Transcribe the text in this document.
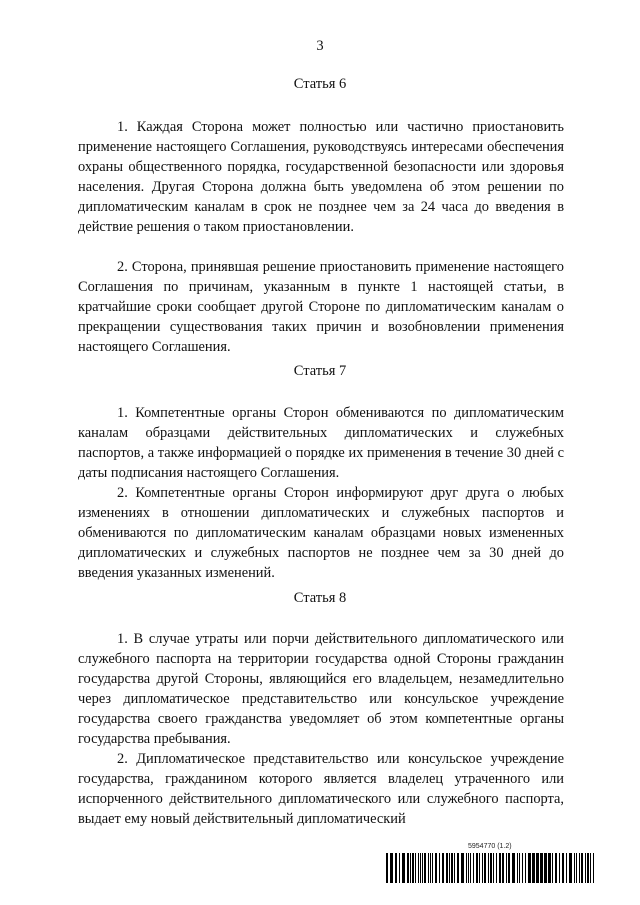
3
Статья 6

1. Каждая Сторона может полностью или частично приостановить применение настоящего Соглашения, руководствуясь интересами обеспечения охраны общественного порядка, государственной безопасности или здоровья населения. Другая Сторона должна быть уведомлена об этом решении по дипломатическим каналам в срок не позднее чем за 24 часа до введения в действие решения о таком приостановлении.

2. Сторона, принявшая решение приостановить применение настоящего Соглашения по причинам, указанным в пункте 1 настоящей статьи, в кратчайшие сроки сообщает другой Стороне по дипломатическим каналам о прекращении существования таких причин и возобновлении применения настоящего Соглашения.

Статья 7

1. Компетентные органы Сторон обмениваются по дипломатическим каналам образцами действительных дипломатических и служебных паспортов, а также информацией о порядке их применения в течение 30 дней с даты подписания настоящего Соглашения.

2. Компетентные органы Сторон информируют друг друга о любых изменениях в отношении дипломатических и служебных паспортов и обмениваются по дипломатическим каналам образцами новых измененных дипломатических и служебных паспортов не позднее чем за 30 дней до введения указанных изменений.

Статья 8

1. В случае утраты или порчи действительного дипломатического или служебного паспорта на территории государства одной Стороны гражданин государства другой Стороны, являющийся его владельцем, незамедлительно через дипломатическое представительство или консульское учреждение государства своего гражданства уведомляет об этом компетентные органы государства пребывания.

2. Дипломатическое представительство или консульское учреждение государства, гражданином которого является владелец утраченного или испорченного действительного дипломатического или служебного паспорта, выдает ему новый действительный дипломатический

5954770 (1.2)
